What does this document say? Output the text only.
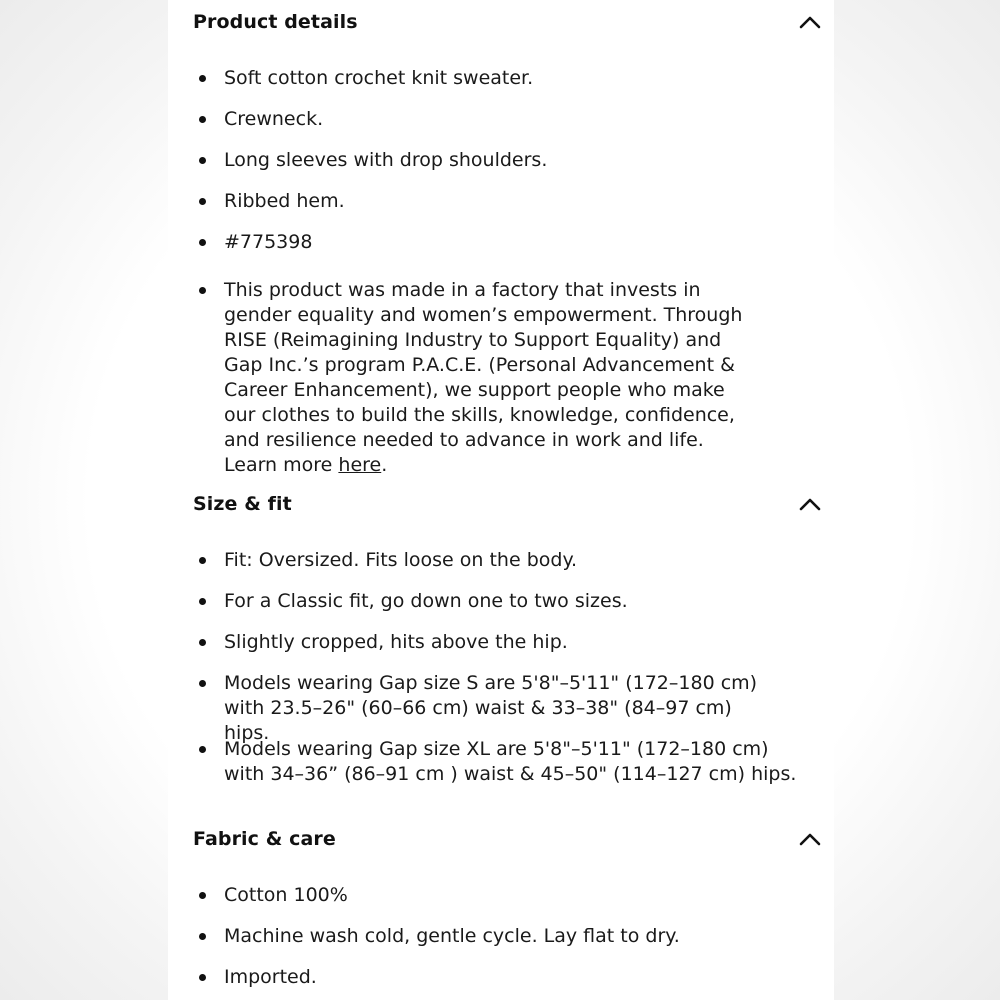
Product details
Soft cotton crochet knit sweater.
Crewneck.
Long sleeves with drop shoulders.
Ribbed hem.
#775398
This product was made in a factory that invests in gender equality and women’s empowerment. Through RISE (Reimagining Industry to Support Equality) and Gap Inc.’s program P.A.C.E. (Personal Advancement & Career Enhancement), we support people who make our clothes to build the skills, knowledge, confidence, and resilience needed to advance in work and life. Learn more here.
Size & fit
Fit: Oversized. Fits loose on the body.
For a Classic fit, go down one to two sizes.
Slightly cropped, hits above the hip.
Models wearing Gap size S are 5'8"–5'11" (172–180 cm) with 23.5–26" (60–66 cm) waist & 33–38" (84–97 cm) hips.
Models wearing Gap size XL are 5'8"–5'11" (172–180 cm) with 34–36” (86–91 cm ) waist & 45–50" (114–127 cm) hips.
Fabric & care
Cotton 100%
Machine wash cold, gentle cycle. Lay flat to dry.
Imported.
